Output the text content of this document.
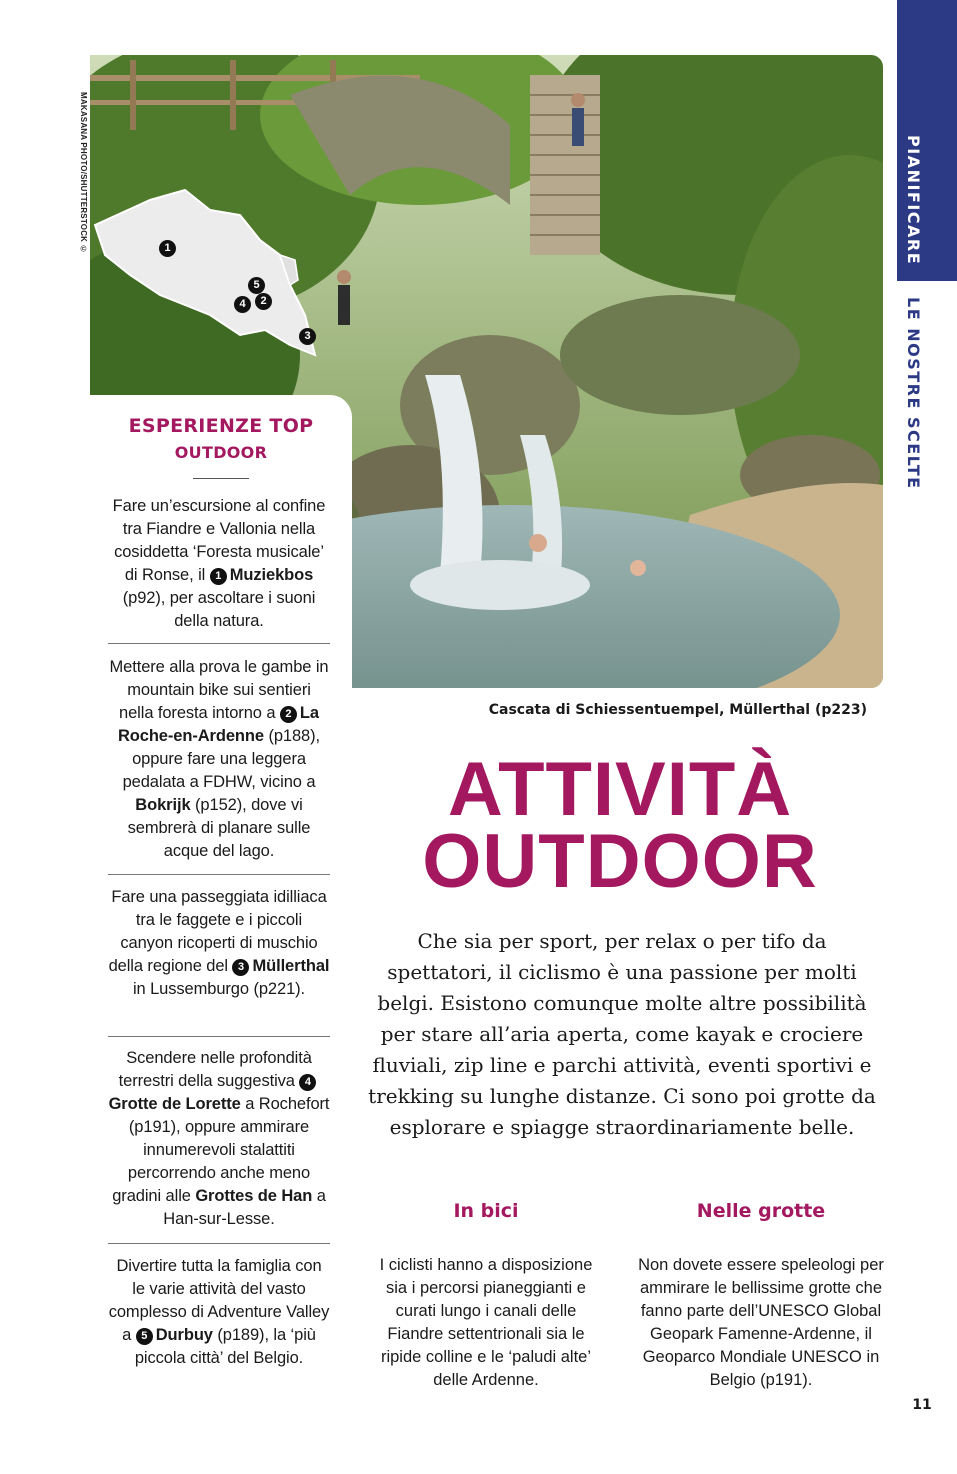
MAKASANA PHOTO/SHUTTERSTOCK ©	1
5
4	2
3
PIANIFICARE
LE NOSTRE SCELTE
ESPERIENZE TOP
OUTDOOR
Fare un’escursione al confine tra Fiandre e Vallonia nella cosiddetta ‘Foresta musicale’ di Ronse, il 1 Muziekbos (p92), per ascoltare i suoni della natura.
Mettere alla prova le gambe in mountain bike sui sentieri nella foresta intorno a 2 La Roche-en-Ardenne (p188), oppure fare una leggera pedalata a FDHW, vicino a Bokrijk (p152), dove vi sembrerà di planare sulle acque del lago.
Fare una passeggiata idilliaca tra le faggete e i piccoli canyon ricoperti di muschio della regione del 3 Müllerthal in Lussemburgo (p221).
Scendere nelle profondità terrestri della suggestiva 4Grotte de Lorette a Rochefort (p191), oppure ammirare innumerevoli stalattiti percorrendo anche meno gradini alle Grottes de Han a Han-sur-Lesse.
Divertire tutta la famiglia con le varie attività del vasto complesso di Adventure Valley a 5 Durbuy (p189), la ‘più piccola città’ del Belgio.
Cascata di Schiessentuempel, Müllerthal (p223)
ATTIVITÀ
OUTDOOR
Che sia per sport, per relax o per tifo da spettatori, il ciclismo è una passione per molti belgi. Esistono comunque molte altre possibilità per stare all’aria aperta, come kayak e crociere fluviali, zip line e parchi attività, eventi sportivi e trekking su lunghe distanze. Ci sono poi grotte da esplorare e spiagge straordinariamente belle.
In bici
I ciclisti hanno a disposizione sia i percorsi pianeggianti e curati lungo i canali delle Fiandre settentrionali sia le ripide colline e le ‘paludi alte’ delle Ardenne.
Nelle grotte
Non dovete essere speleologi per ammirare le bellissime grotte che fanno parte dell’UNESCO Global Geopark Famenne-Ardenne, il Geoparco Mondiale UNESCO in Belgio (p191).
11
